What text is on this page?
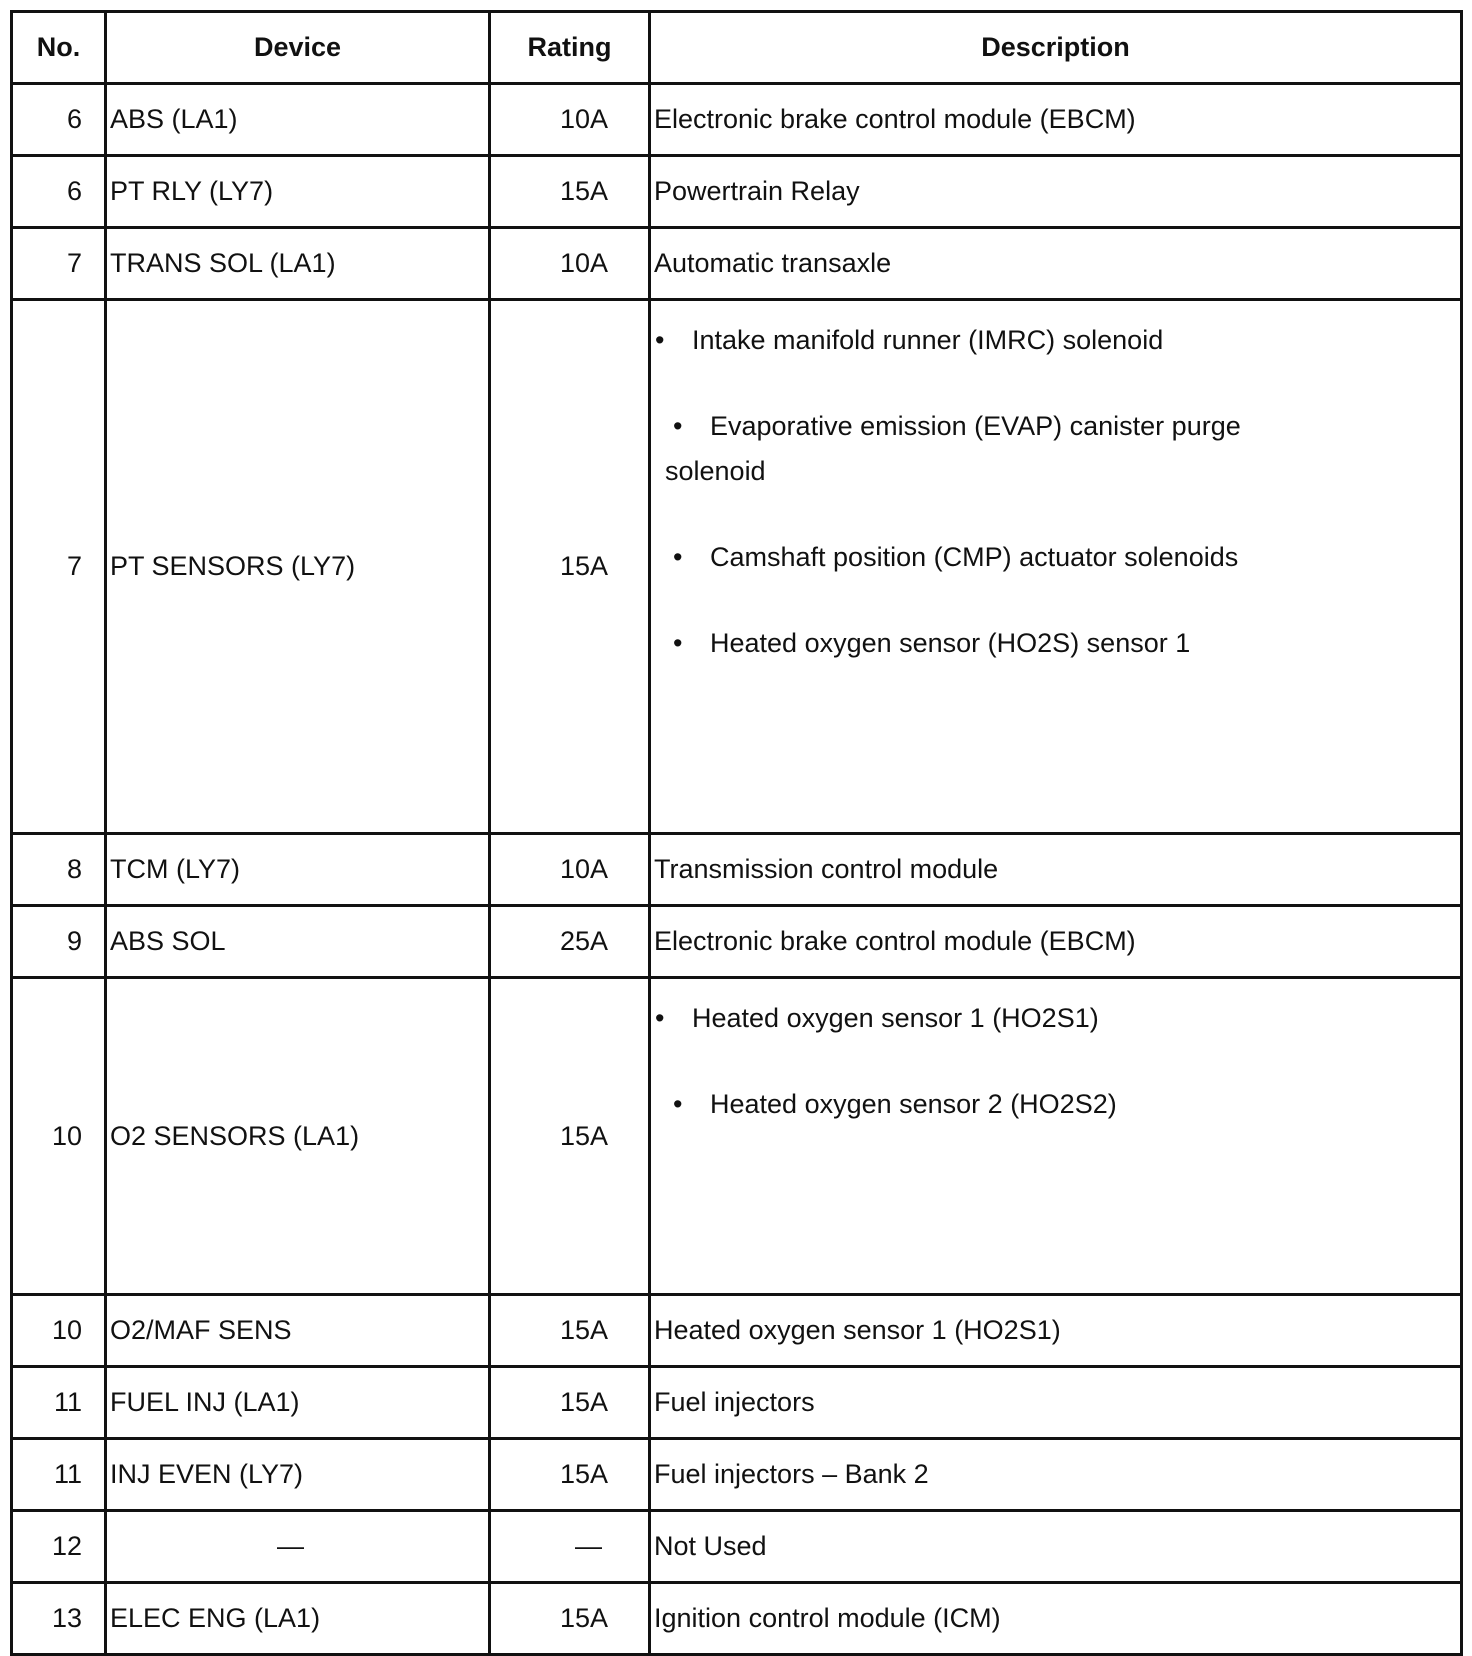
No.	Device	Rating	Description
6	ABS (LA1)	10A	Electronic brake control module (EBCM)
6	PT RLY (LY7)	15A	Powertrain Relay
7	TRANS SOL (LA1)	10A	Automatic transaxle
7	PT SENSORS (LY7)	15A	• Intake manifold runner (IMRC) solenoid
• Evaporative emission (EVAP) canister purge
solenoid
• Camshaft position (CMP) actuator solenoids
• Heated oxygen sensor (HO2S) sensor 1

8	TCM (LY7)	10A	Transmission control module
9	ABS SOL	25A	Electronic brake control module (EBCM)
10	O2 SENSORS (LA1)	15A	• Heated oxygen sensor 1 (HO2S1)
• Heated oxygen sensor 2 (HO2S2)

10	O2/MAF SENS	15A	Heated oxygen sensor 1 (HO2S1)
11	FUEL INJ (LA1)	15A	Fuel injectors
11	INJ EVEN (LY7)	15A	Fuel injectors – Bank 2
12	—	—	Not Used
13	ELEC ENG (LA1)	15A	Ignition control module (ICM)
